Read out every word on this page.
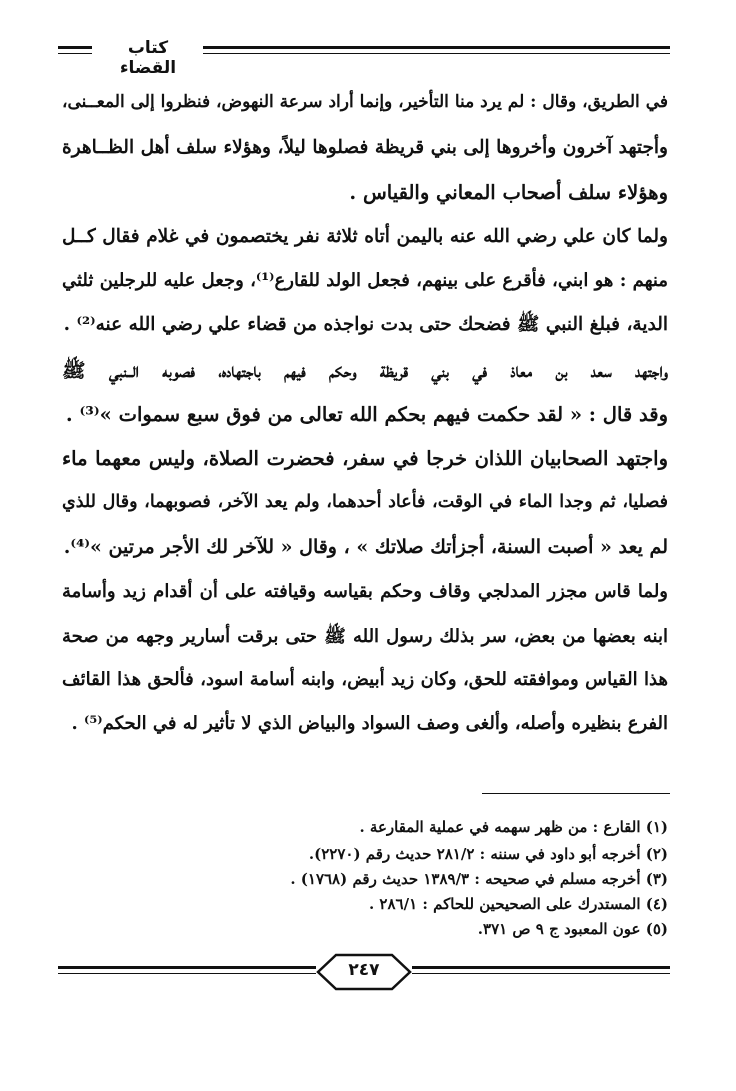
كتاب القضاء
في الطريق، وقال : لم يرد منا التأخير، وإنما أراد سرعة النهوض، فنظروا إلى المعــنى،
وأجتهد آخرون وأخروها إلى بني قريظة فصلوها ليلاً، وهؤلاء سلف أهل الظــاهرة
وهؤلاء سلف أصحاب المعاني والقياس .
ولما كان علي رضي الله عنه باليمن أتاه ثلاثة نفر يختصمون في غلام فقال كــل
منهم : هو ابني، فأقرع على بينهم، فجعل الولد للقارع⁽¹⁾، وجعل عليه للرجلين ثلثي
الدية، فبلغ النبي ﷺ فضحك حتى بدت نواجذه من قضاء علي رضي الله عنه⁽²⁾ .
واجتهد سعد بن معاذ في بني قريظة وحكم فيهم باجتهاده، فصوبه الــنبي ﷺ
وقد قال : « لقد حكمت فيهم بحكم الله تعالى من فوق سبع سموات »⁽³⁾ .
واجتهد الصحابيان اللذان خرجا في سفر، فحضرت الصلاة، وليس معهما ماء
فصليا، ثم وجدا الماء في الوقت، فأعاد أحدهما، ولم يعد الآخر، فصوبهما، وقال للذي
لم يعد « أصبت السنة، أجزأتك صلاتك » ، وقال « للآخر لك الأجر مرتين »⁽⁴⁾.
ولما قاس مجزر المدلجي وقاف وحكم بقياسه وقيافته على أن أقدام زيد وأسامة
ابنه بعضها من بعض، سر بذلك رسول الله ﷺ حتى برقت أسارير وجهه من صحة
هذا القياس وموافقته للحق، وكان زيد أبيض، وابنه أسامة اسود، فألحق هذا القائف
الفرع بنظيره وأصله، وألغى وصف السواد والبياض الذي لا تأثير له في الحكم⁽⁵⁾ .
(١) القارع : من ظهر سهمه في عملية المقارعة .
(٢) أخرجه أبو داود في سننه : ٢٨١/٢ حديث رقم (٢٢٧٠).
(٣) أخرجه مسلم في صحيحه : ١٣٨٩/٣ حديث رقم (١٧٦٨) .
(٤) المستدرك على الصحيحين للحاكم : ٢٨٦/١ .
(٥) عون المعبود ج ٩ ص ٣٧١.
٢٤٧
